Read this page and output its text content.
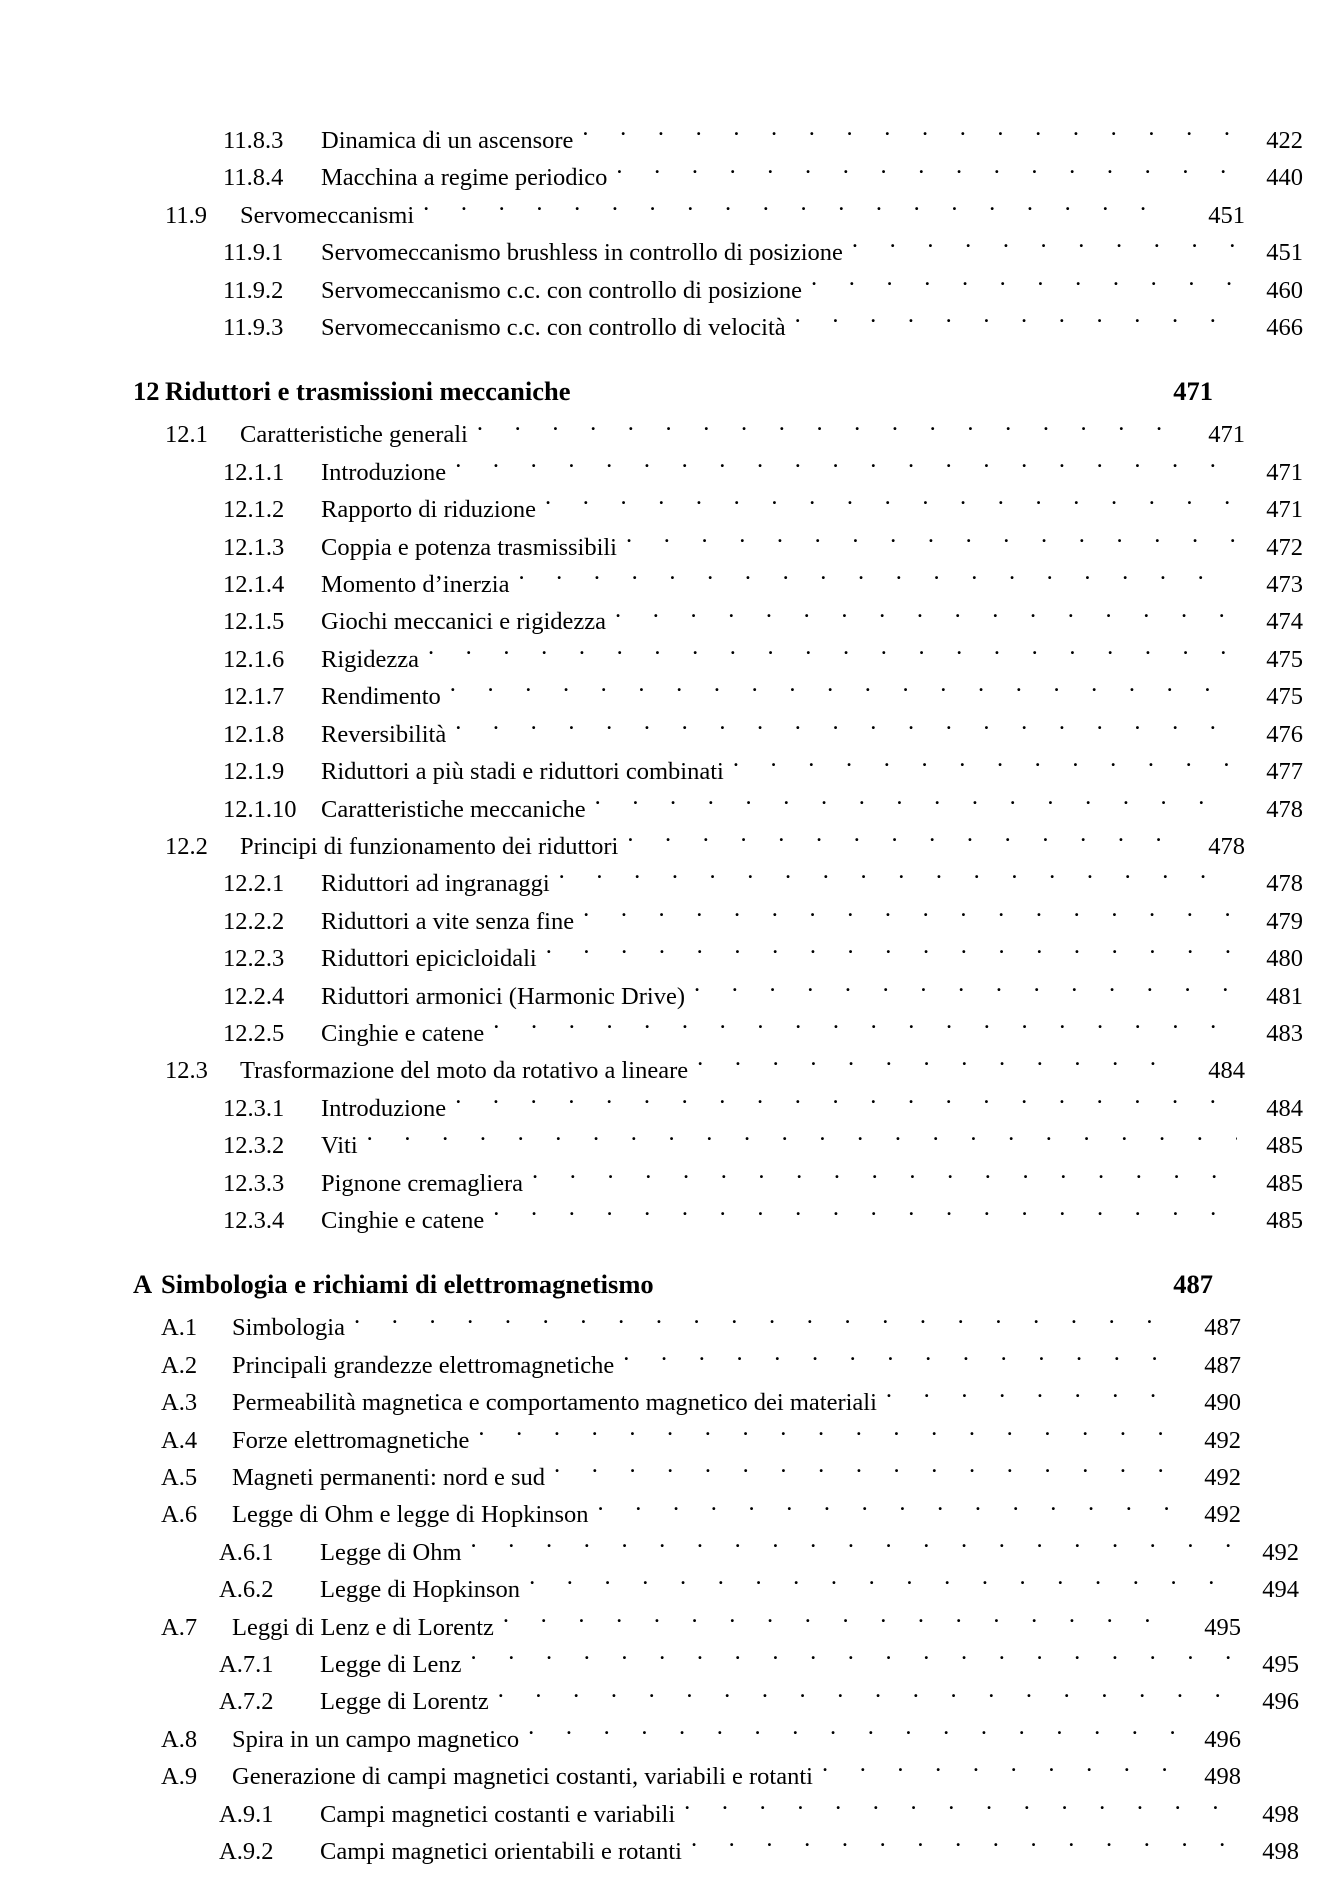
11.8.3	Dinamica di un ascensore . . .	422
11.8.4	Macchina a regime periodico . . .	440
11.9	Servomeccanismi . . .	451
11.9.1	Servomeccanismo brushless in controllo di posizione . . .	451
11.9.2	Servomeccanismo c.c. con controllo di posizione . . .	460
11.9.3	Servomeccanismo c.c. con controllo di velocità . . .	466
12 Riduttori e trasmissioni meccaniche	471
12.1	Caratteristiche generali . . .	471
12.1.1	Introduzione . . .	471
12.1.2	Rapporto di riduzione . . .	471
12.1.3	Coppia e potenza trasmissibili . . .	472
12.1.4	Momento d’inerzia . . .	473
12.1.5	Giochi meccanici e rigidezza . . .	474
12.1.6	Rigidezza . . .	475
12.1.7	Rendimento . . .	475
12.1.8	Reversibilità . . .	476
12.1.9	Riduttori a più stadi e riduttori combinati . . .	477
12.1.10	Caratteristiche meccaniche . . .	478
12.2	Principi di funzionamento dei riduttori . . .	478
12.2.1	Riduttori ad ingranaggi . . .	478
12.2.2	Riduttori a vite senza fine . . .	479
12.2.3	Riduttori epicicloidali . . .	480
12.2.4	Riduttori armonici (Harmonic Drive) . . .	481
12.2.5	Cinghie e catene . . .	483
12.3	Trasformazione del moto da rotativo a lineare . . .	484
12.3.1	Introduzione . . .	484
12.3.2	Viti . . .	485
12.3.3	Pignone cremagliera . . .	485
12.3.4	Cinghie e catene . . .	485
A Simbologia e richiami di elettromagnetismo	487
A.1	Simbologia . . .	487
A.2	Principali grandezze elettromagnetiche . . .	487
A.3	Permeabilità magnetica e comportamento magnetico dei materiali . . .	490
A.4	Forze elettromagnetiche . . .	492
A.5	Magneti permanenti: nord e sud . . .	492
A.6	Legge di Ohm e legge di Hopkinson . . .	492
A.6.1	Legge di Ohm . . .	492
A.6.2	Legge di Hopkinson . . .	494
A.7	Leggi di Lenz e di Lorentz . . .	495
A.7.1	Legge di Lenz . . .	495
A.7.2	Legge di Lorentz . . .	496
A.8	Spira in un campo magnetico . . .	496
A.9	Generazione di campi magnetici costanti, variabili e rotanti . . .	498
A.9.1	Campi magnetici costanti e variabili . . .	498
A.9.2	Campi magnetici orientabili e rotanti . . .	498
